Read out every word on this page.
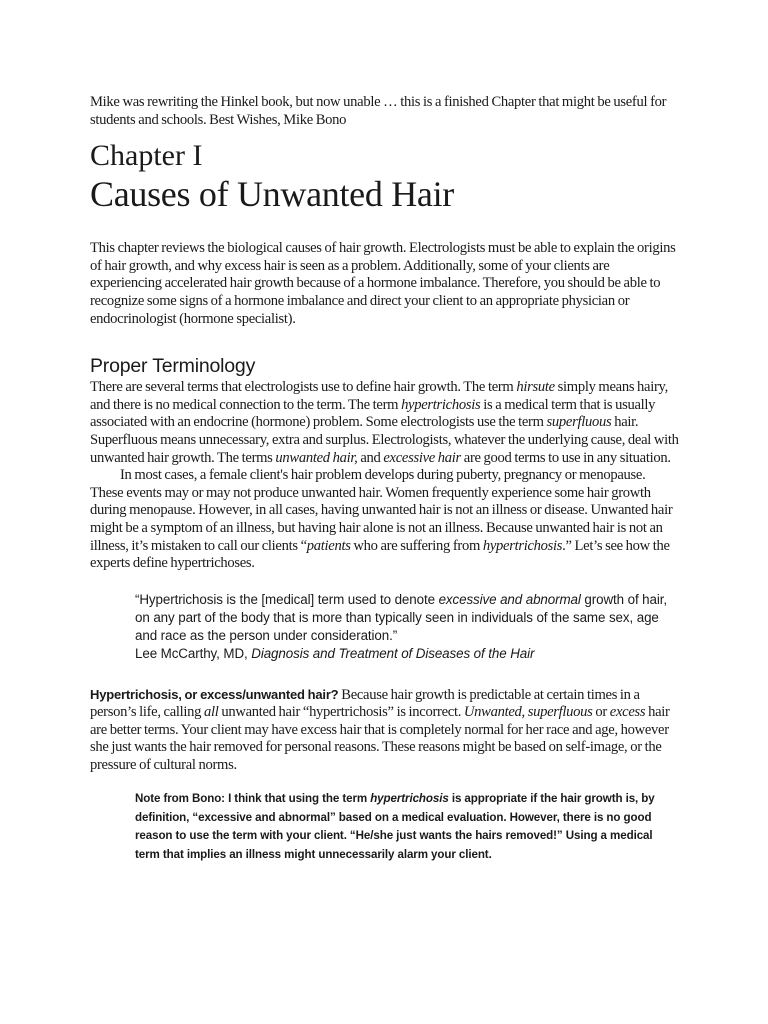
Mike was rewriting the Hinkel book, but now unable … this is a finished Chapter that might be useful for students and schools. Best Wishes, Mike Bono

Chapter I
Causes of Unwanted Hair

This chapter reviews the biological causes of hair growth. Electrologists must be able to explain the origins of hair growth, and why excess hair is seen as a problem. Additionally, some of your clients are experiencing accelerated hair growth because of a hormone imbalance. Therefore, you should be able to recognize some signs of a hormone imbalance and direct your client to an appropriate physician or endocrinologist (hormone specialist).

Proper Terminology

There are several terms that electrologists use to define hair growth. The term hirsute simply means hairy, and there is no medical connection to the term. The term hypertrichosis is a medical term that is usually associated with an endocrine (hormone) problem. Some electrologists use the term superfluous hair. Superfluous means unnecessary, extra and surplus. Electrologists, whatever the underlying cause, deal with unwanted hair growth. The terms unwanted hair, and excessive hair are good terms to use in any situation.

In most cases, a female client's hair problem develops during puberty, pregnancy or menopause. These events may or may not produce unwanted hair. Women frequently experience some hair growth during menopause. However, in all cases, having unwanted hair is not an illness or disease. Unwanted hair might be a symptom of an illness, but having hair alone is not an illness. Because unwanted hair is not an illness, it’s mistaken to call our clients “patients who are suffering from hypertrichosis.” Let’s see how the experts define hypertrichoses.

“Hypertrichosis is the [medical] term used to denote excessive and abnormal growth of hair, on any part of the body that is more than typically seen in individuals of the same sex, age and race as the person under consideration.”

Lee McCarthy, MD, Diagnosis and Treatment of Diseases of the Hair

Hypertrichosis, or excess/unwanted hair? Because hair growth is predictable at certain times in a person’s life, calling all unwanted hair “hypertrichosis” is incorrect. Unwanted, superfluous or excess hair are better terms. Your client may have excess hair that is completely normal for her race and age, however she just wants the hair removed for personal reasons. These reasons might be based on self-image, or the pressure of cultural norms.

Note from Bono: I think that using the term hypertrichosis is appropriate if the hair growth is, by definition, “excessive and abnormal” based on a medical evaluation. However, there is no good reason to use the term with your client. “He/she just wants the hairs removed!” Using a medical term that implies an illness might unnecessarily alarm your client.
